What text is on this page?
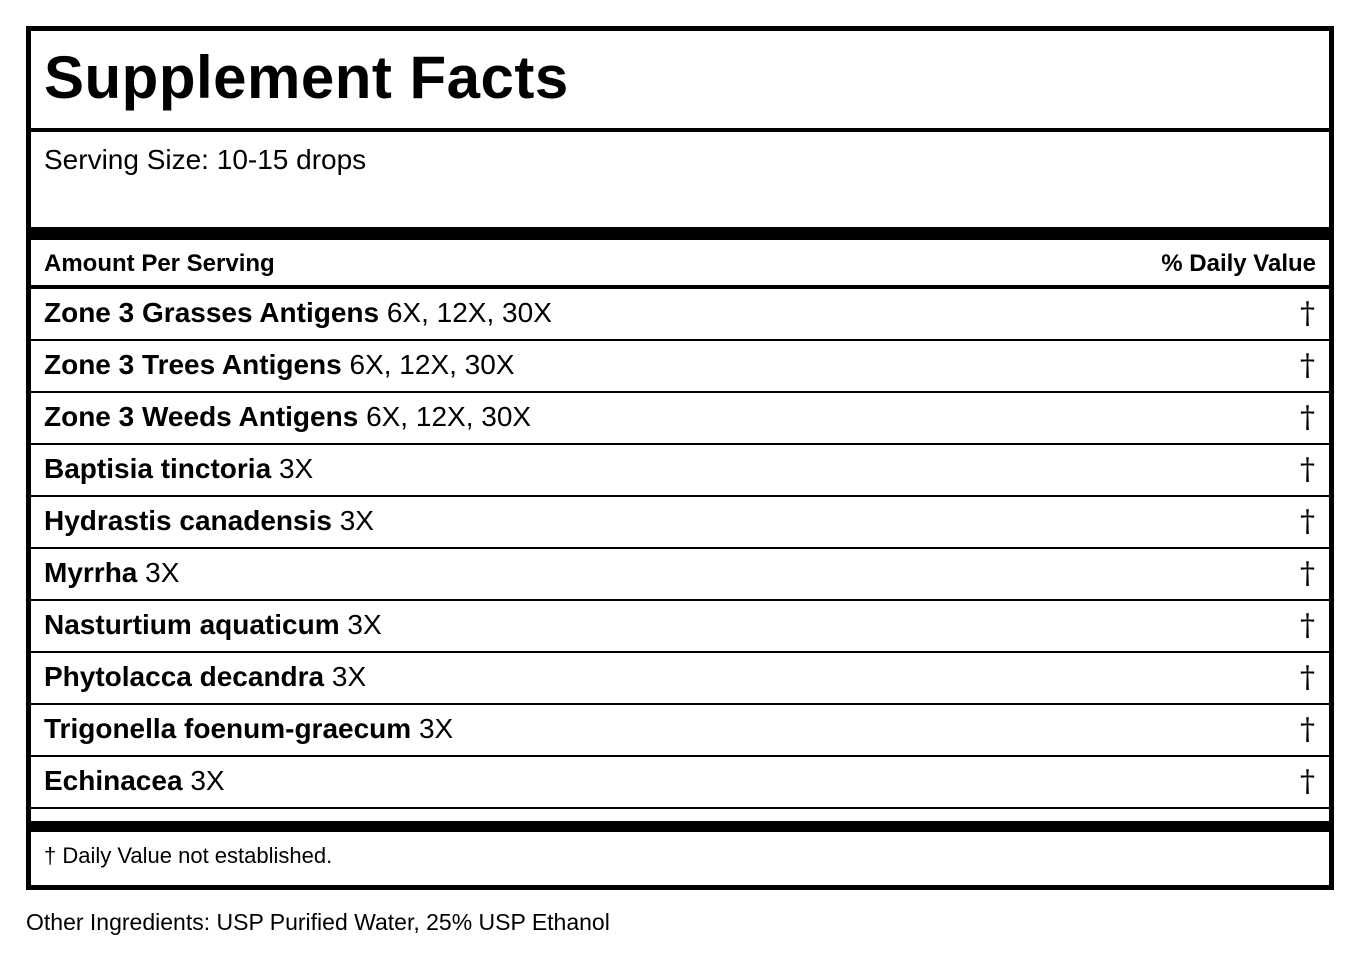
Supplement Facts
Serving Size: 10-15 drops
Amount Per Serving	% Daily Value
Zone 3 Grasses Antigens 6X, 12X, 30X	†
Zone 3 Trees Antigens 6X, 12X, 30X	†
Zone 3 Weeds Antigens 6X, 12X, 30X	†
Baptisia tinctoria 3X	†
Hydrastis canadensis 3X	†
Myrrha 3X	†
Nasturtium aquaticum 3X	†
Phytolacca decandra 3X	†
Trigonella foenum-graecum 3X	†
Echinacea 3X	†
† Daily Value not established.
Other Ingredients: USP Purified Water, 25% USP Ethanol
